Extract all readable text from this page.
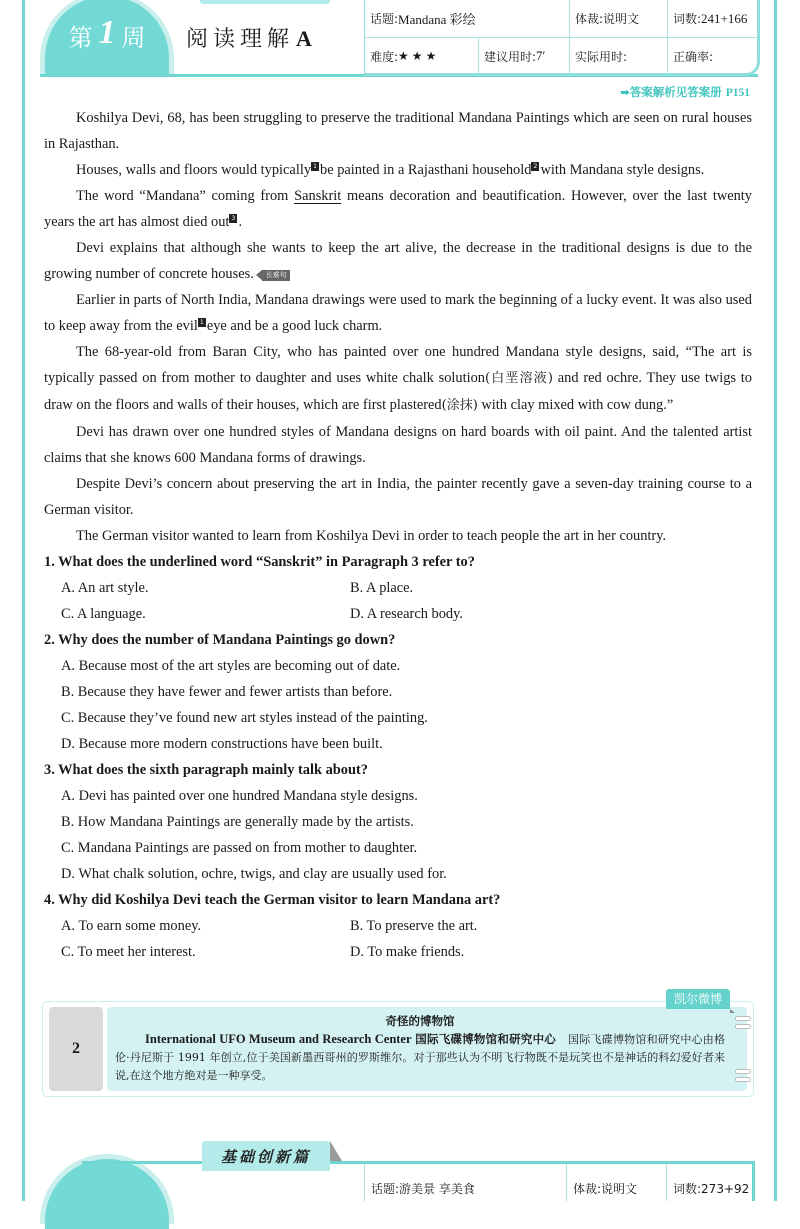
第 1 周 阅读理解A
话题: Mandana 彩绘	体裁: 说明文	词数: 241+166
难度: ★★★	建议用时: 7′ 实际用时:	正确率:
➡答案解析见答案册 P151

Koshilya Devi, 68, has been struggling to preserve the traditional Mandana Paintings which are seen on rural houses in Rajasthan.

Houses, walls and floors would typically 1 be painted in a Rajasthani household 2 with Mandana style designs.

The word “Mandana” coming from Sanskrit means decoration and beautification. However, over the last twenty years the art has almost died out 3 .

Devi explains that although she wants to keep the art alive, the decrease in the traditional designs is due to the growing number of concrete houses. 长难句

Earlier in parts of North India, Mandana drawings were used to mark the beginning of a lucky event. It was also used to keep away from the evil 1 eye and be a good luck charm.

The 68-year-old from Baran City, who has painted over one hundred Mandana style designs, said, “The art is typically passed on from mother to daughter and uses white chalk solution(白垩溶液) and red ochre. They use twigs to draw on the floors and walls of their houses, which are first plastered(涂抹) with clay mixed with cow dung.”

Devi has drawn over one hundred styles of Mandana designs on hard boards with oil paint. And the talented artist claims that she knows 600 Mandana forms of drawings.

Despite Devi’s concern about preserving the art in India, the painter recently gave a seven-day training course to a German visitor.

The German visitor wanted to learn from Koshilya Devi in order to teach people the art in her country.

1. What does the underlined word “Sanskrit” in Paragraph 3 refer to?
A. An art style.	B. A place.
C. A language.	D. A research body.
2. Why does the number of Mandana Paintings go down?
A. Because most of the art styles are becoming out of date.
B. Because they have fewer and fewer artists than before.
C. Because they’ve found new art styles instead of the painting.
D. Because more modern constructions have been built.
3. What does the sixth paragraph mainly talk about?
A. Devi has painted over one hundred Mandana style designs.
B. How Mandana Paintings are generally made by the artists.
C. Mandana Paintings are passed on from mother to daughter.
D. What chalk solution, ochre, twigs, and clay are usually used for.
4. Why did Koshilya Devi teach the German visitor to learn Mandana art?
A. To earn some money.	B. To preserve the art.
C. To meet her interest.	D. To make friends.
凯尔微博
2
奇怪的博物馆
International UFO Museum and Research Center 国际飞碟博物馆和研究中心 国际飞碟博物馆和研究中心由格伦·丹尼斯于 1991 年创立,位于美国新墨西哥州的罗斯维尔。对于那些认为不明飞行物既不是玩笑也不是神话的科幻爱好者来说,在这个地方绝对是一种享受。
基础创新篇
话题:游美景 享美食	体裁:说明文	词数:273+92
